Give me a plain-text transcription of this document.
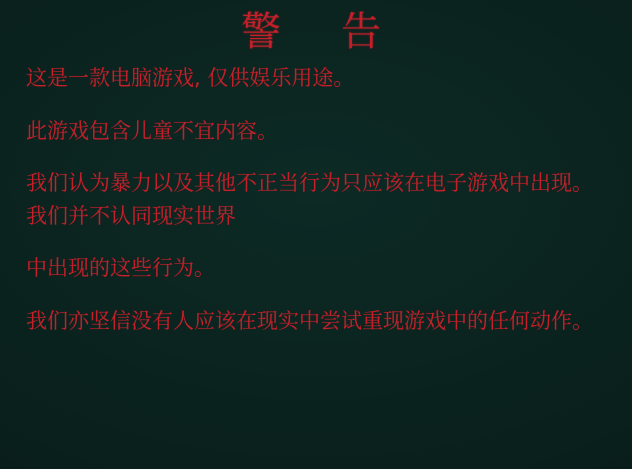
警　告

这是一款电脑游戏, 仅供娱乐用途。

此游戏包含儿童不宜内容。

我们认为暴力以及其他不正当行为只应该在电子游戏中出现。　我们并不认同现实世界

中出现的这些行为。

我们亦坚信没有人应该在现实中尝试重现游戏中的任何动作。
